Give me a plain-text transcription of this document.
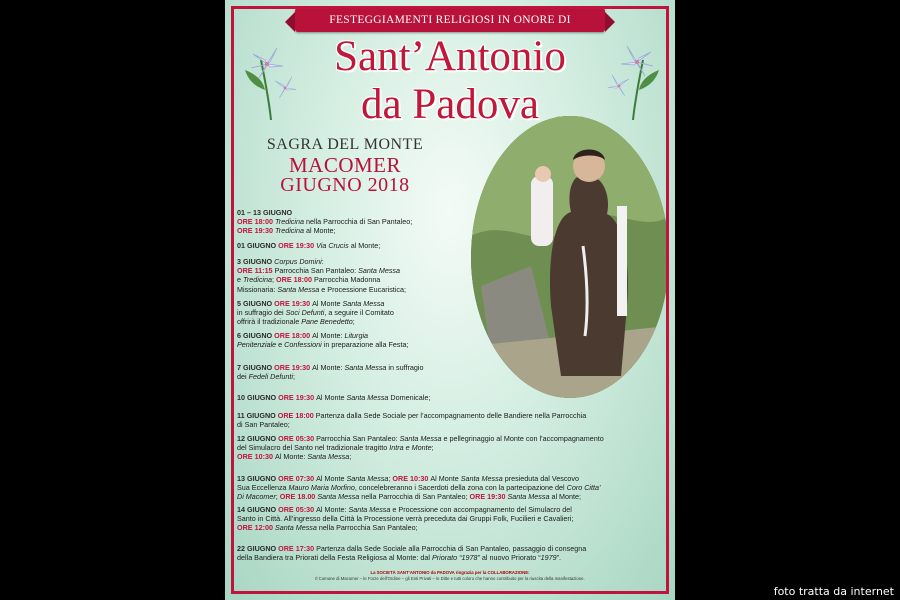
FESTEGGIAMENTI RELIGIOSI IN ONORE DI
Sant’Antonio
da Padova
SAGRA DEL MONTE
MACOMER
GIUGNO 2018
01 – 13 GIUGNO
ORE 18:00 Tredicina nella Parrocchia di San Pantaleo;
ORE 19:30 Tredicina al Monte;
01 GIUGNO ORE 19:30 Via Crucis al Monte;
3 GIUGNO Corpus Domini:
ORE 11:15 Parrocchia San Pantaleo: Santa Messa
e Tredicina; ORE 18:00 Parrocchia Madonna
Missionaria: Santa Messa e Processione Eucaristica;
5 GIUGNO ORE 19:30 Al Monte Santa Messa
in suffragio dei Soci Defunti, a seguire il Comitato
offrirà il tradizionale Pane Benedetto;
6 GIUGNO ORE 18:00 Al Monte: Liturgia
Penitenziale e Confessioni in preparazione alla Festa;
7 GIUGNO ORE 19:30 Al Monte: Santa Messa in suffragio
dei Fedeli Defunti;
10 GIUGNO ORE 19:30 Al Monte Santa Messa Domenicale;
11 GIUGNO ORE 18:00 Partenza dalla Sede Sociale per l’accompagnamento delle Bandiere nella Parrocchia
di San Pantaleo;
12 GIUGNO ORE 05:30 Parrocchia San Pantaleo: Santa Messa e pellegrinaggio al Monte con l’accompagnamento
del Simulacro del Santo nel tradizionale tragitto Intra e Monte;
ORE 10:30 Al Monte: Santa Messa;
13 GIUGNO ORE 07:30 Al Monte Santa Messa; ORE 10:30 Al Monte Santa Messa presieduta dal Vescovo
Sua Eccellenza Mauro Maria Morfino, concelebreranno i Sacerdoti della zona con la partecipazione del Coro Citta’
Di Macomer; ORE 18.00 Santa Messa nella Parrocchia di San Pantaleo; ORE 19:30 Santa Messa al Monte;
14 GIUGNO ORE 05:30 Al Monte: Santa Messa e Processione con accompagnamento del Simulacro del
Santo in Città. All’ingresso della Città la Processione verrà preceduta dai Gruppi Folk, Fucilieri e Cavalieri;
ORE 12:00 Santa Messa nella Parrocchia San Pantaleo;
22 GIUGNO ORE 17:30 Partenza dalla Sede Sociale alla Parrocchia di San Pantaleo, passaggio di consegna
della Bandiera tra Priorati della Festa Religiosa al Monte: dal Priorato “1978” al nuovo Priorato “1979”.
La SOCIETÀ SANT’ANTONIO da PADOVA ringrazia per la COLLABORAZIONE:
Il Comune di Macomer – le Forze dell’Ordine – gli Enti Privati – le Ditte e tutti coloro che hanno contribuito per la riuscita della manifestazione.
foto tratta da internet
